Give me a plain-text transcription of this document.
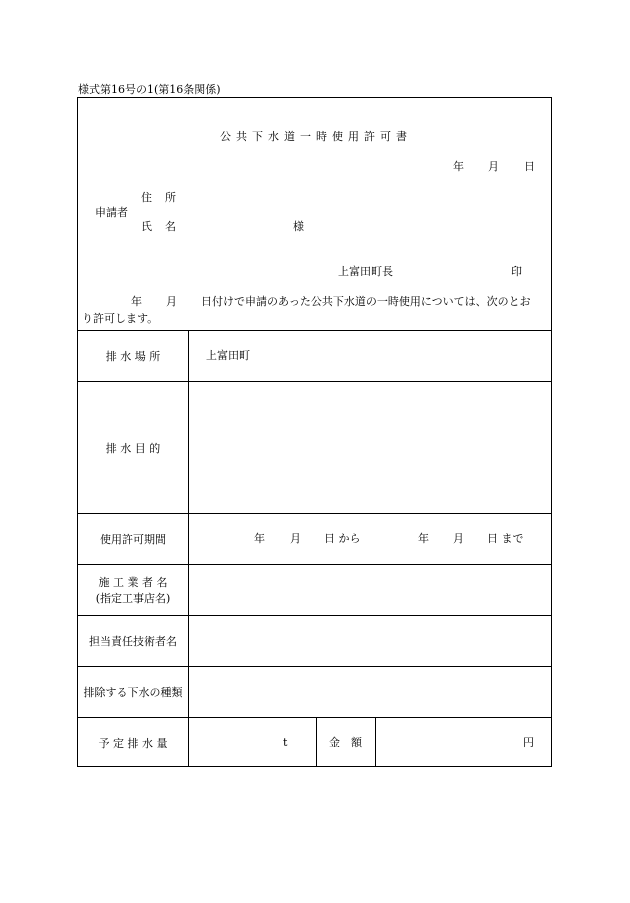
様式第16号の1(第16条関係)
公共下水道一時使用許可書
年 月 日
住　所
申請者
氏　名	様
上富田町長	印
年 月 日付けで申請のあった公共下水道の一時使用については、次のとお
り許可します。
排 水 場 所	上富田町
排 水 目 的
使用許可期間	年 月 日 から	年 月 日 まで
施 工 業 者 名
(指定工事店名)
担当責任技術者名
排除する下水の種類
予 定 排 水 量	t	金　額	円
